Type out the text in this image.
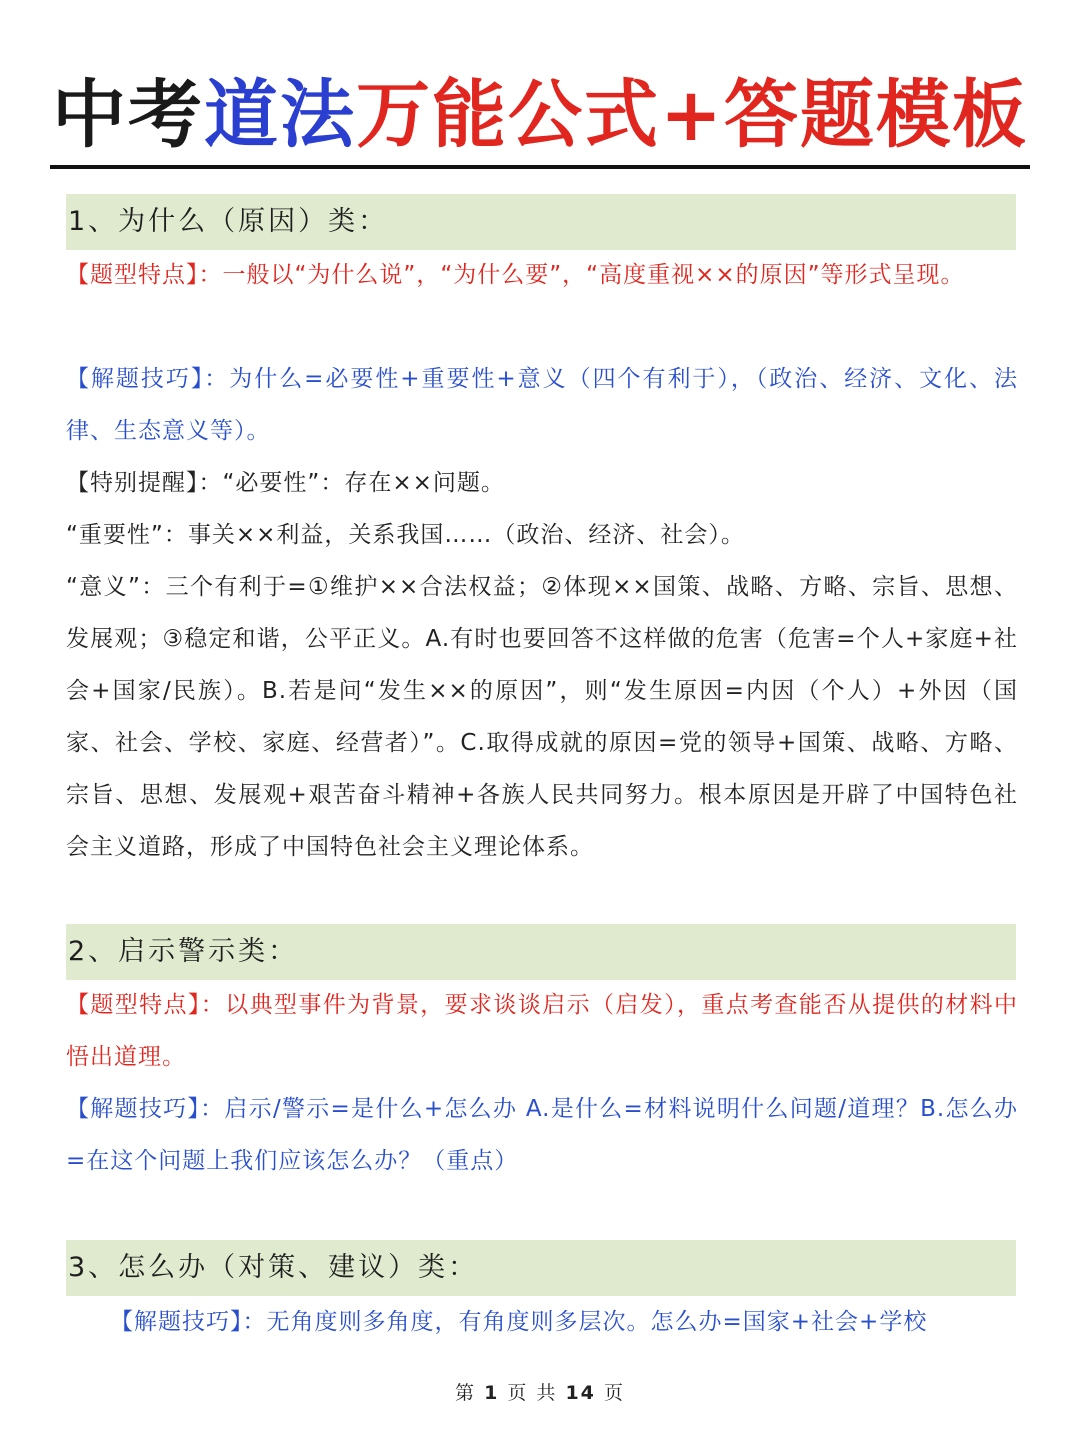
中考道法万能公式+答题模板
1、为什么（原因）类：

【题型特点】：一般以“为什么说”，“为什么要”，“高度重视××的原因”等形式呈现。

【解题技巧】：为什么=必要性+重要性+意义（四个有利于），（政治、经济、文化、法律、生态意义等）。

【特别提醒】：“必要性”：存在××问题。

“重要性”：事关××利益，关系我国……（政治、经济、社会）。

“意义”：三个有利于=①维护××合法权益；②体现××国策、战略、方略、宗旨、思想、发展观；③稳定和谐，公平正义。A.有时也要回答不这样做的危害（危害=个人+家庭+社会+国家/民族）。B.若是问“发生××的原因”，则“发生原因=内因（个人）+外因（国家、社会、学校、家庭、经营者）”。C.取得成就的原因=党的领导+国策、战略、方略、宗旨、思想、发展观+艰苦奋斗精神+各族人民共同努力。根本原因是开辟了中国特色社会主义道路，形成了中国特色社会主义理论体系。

2、启示警示类：

【题型特点】：以典型事件为背景，要求谈谈启示（启发），重点考查能否从提供的材料中悟出道理。

【解题技巧】：启示/警示=是什么+怎么办 A.是什么=材料说明什么问题/道理？B.怎么办=在这个问题上我们应该怎么办？（重点）

3、怎么办（对策、建议）类：

【解题技巧】：无角度则多角度，有角度则多层次。怎么办=国家+社会+学校

第 1 页 共 14 页
